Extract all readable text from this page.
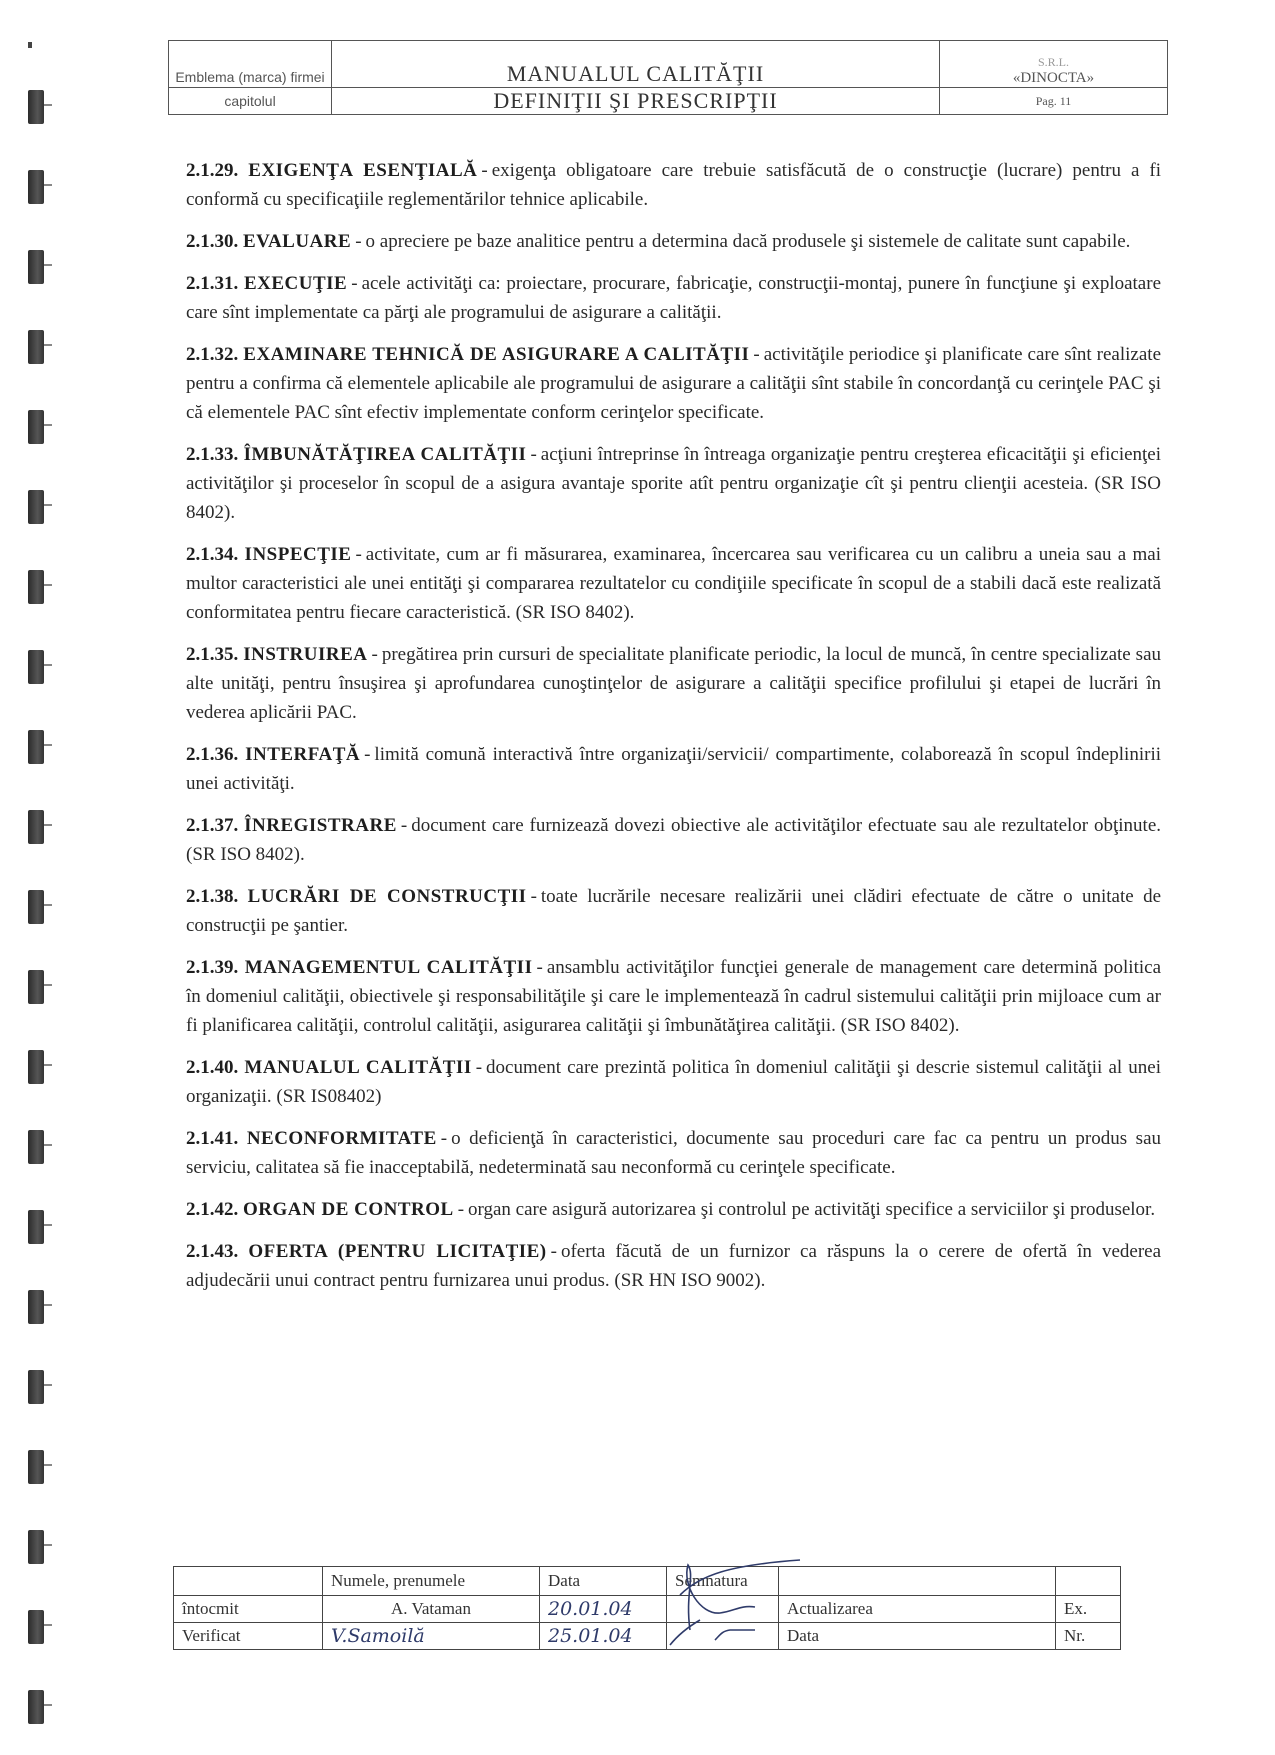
Emblema (marca) firmei	MANUALUL CALITĂŢII	S.R.L.
«DINOCTA»

capitolul	DEFINIŢII ŞI PRESCRIPŢII	Pag. 11

2.1.29. EXIGENŢA ESENŢIALĂ - exigenţa obligatoare care trebuie satisfăcută de o construcţie (lucrare) pentru a fi conformă cu specificaţiile reglementărilor tehnice aplicabile.

2.1.30. EVALUARE - o apreciere pe baze analitice pentru a determina dacă produsele şi sistemele de calitate sunt capabile.

2.1.31. EXECUŢIE - acele activităţi ca: proiectare, procurare, fabricaţie, construcţii-montaj, punere în funcţiune şi exploatare care sînt implementate ca părţi ale programului de asigurare a calităţii.

2.1.32. EXAMINARE TEHNICĂ DE ASIGURARE A CALITĂŢII - activităţile periodice şi planificate care sînt realizate pentru a confirma că elementele aplicabile ale programului de asigurare a calităţii sînt stabile în concordanţă cu cerinţele PAC şi că elementele PAC sînt efectiv implementate conform cerinţelor specificate.

2.1.33. ÎMBUNĂTĂŢIREA CALITĂŢII - acţiuni întreprinse în întreaga organizaţie pentru creşterea eficacităţii şi eficienţei activităţilor şi proceselor în scopul de a asigura avantaje sporite atît pentru organizaţie cît şi pentru clienţii acesteia. (SR ISO 8402).

2.1.34. INSPECŢIE - activitate, cum ar fi măsurarea, examinarea, încercarea sau verificarea cu un calibru a uneia sau a mai multor caracteristici ale unei entităţi şi compararea rezultatelor cu condiţiile specificate în scopul de a stabili dacă este realizată conformitatea pentru fiecare caracteristică. (SR ISO 8402).

2.1.35. INSTRUIREA - pregătirea prin cursuri de specialitate planificate periodic, la locul de muncă, în centre specializate sau alte unităţi, pentru însuşirea şi aprofundarea cunoştinţelor de asigurare a calităţii specifice profilului şi etapei de lucrări în vederea aplicării PAC.

2.1.36. INTERFAŢĂ - limită comună interactivă între organizaţii/servicii/ compartimente, colaborează în scopul îndeplinirii unei activităţi.

2.1.37. ÎNREGISTRARE - document care furnizează dovezi obiective ale activităţilor efectuate sau ale rezultatelor obţinute. (SR ISO 8402).

2.1.38. LUCRĂRI DE CONSTRUCŢII - toate lucrările necesare realizării unei clădiri efectuate de către o unitate de construcţii pe şantier.

2.1.39. MANAGEMENTUL CALITĂŢII - ansamblu activităţilor funcţiei generale de management care determină politica în domeniul calităţii, obiectivele şi responsabilităţile şi care le implementează în cadrul sistemului calităţii prin mijloace cum ar fi planificarea calităţii, controlul calităţii, asigurarea calităţii şi îmbunătăţirea calităţii. (SR ISO 8402).

2.1.40. MANUALUL CALITĂŢII - document care prezintă politica în domeniul calităţii şi descrie sistemul calităţii al unei organizaţii. (SR IS08402)

2.1.41. NECONFORMITATE - o deficienţă în caracteristici, documente sau proceduri care fac ca pentru un produs sau serviciu, calitatea să fie inacceptabilă, nedeterminată sau neconformă cu cerinţele specificate.

2.1.42. ORGAN DE CONTROL - organ care asigură autorizarea şi controlul pe activităţi specifice a serviciilor şi produselor.

2.1.43. OFERTA (PENTRU LICITAŢIE) - oferta făcută de un furnizor ca răspuns la o cerere de ofertă în vederea adjudecării unui contract pentru furnizarea unui produs. (SR HN ISO 9002).

	Numele, prenumele	Data	Semnatura		
întocmit	A. Vataman	20.01.04		Actualizarea	Ex.
Verificat	V.Samoilă	25.01.04		Data	Nr.
